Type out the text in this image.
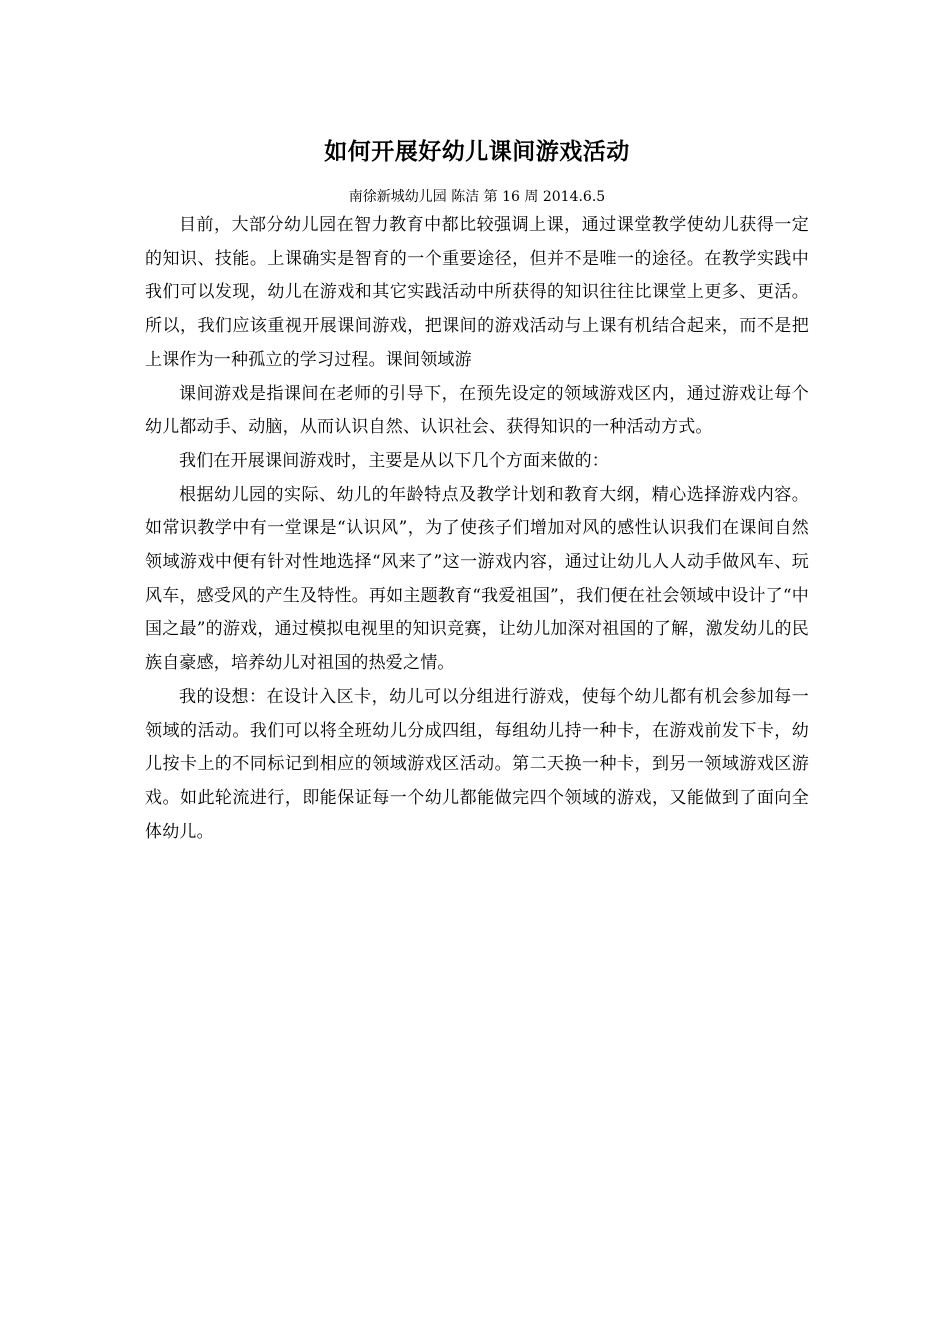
如何开展好幼儿课间游戏活动
南徐新城幼儿园 陈洁 第 16 周 2014.6.5

目前，大部分幼儿园在智力教育中都比较强调上课，通过课堂教学使幼儿获得一定的知识、技能。上课确实是智育的一个重要途径，但并不是唯一的途径。在教学实践中我们可以发现，幼儿在游戏和其它实践活动中所获得的知识往往比课堂上更多、更活。所以，我们应该重视开展课间游戏，把课间的游戏活动与上课有机结合起来，而不是把上课作为一种孤立的学习过程。课间领域游

课间游戏是指课间在老师的引导下，在预先设定的领域游戏区内，通过游戏让每个幼儿都动手、动脑，从而认识自然、认识社会、获得知识的一种活动方式。

我们在开展课间游戏时，主要是从以下几个方面来做的：

根据幼儿园的实际、幼儿的年龄特点及教学计划和教育大纲，精心选择游戏内容。如常识教学中有一堂课是“认识风”，为了使孩子们增加对风的感性认识我们在课间自然领域游戏中便有针对性地选择“风来了”这一游戏内容，通过让幼儿人人动手做风车、玩风车，感受风的产生及特性。再如主题教育“我爱祖国”，我们便在社会领域中设计了“中国之最”的游戏，通过模拟电视里的知识竞赛，让幼儿加深对祖国的了解，激发幼儿的民族自豪感，培养幼儿对祖国的热爱之情。

我的设想：在设计入区卡，幼儿可以分组进行游戏，使每个幼儿都有机会参加每一领域的活动。我们可以将全班幼儿分成四组，每组幼儿持一种卡，在游戏前发下卡，幼儿按卡上的不同标记到相应的领域游戏区活动。第二天换一种卡，到另一领域游戏区游戏。如此轮流进行，即能保证每一个幼儿都能做完四个领域的游戏，又能做到了面向全体幼儿。
